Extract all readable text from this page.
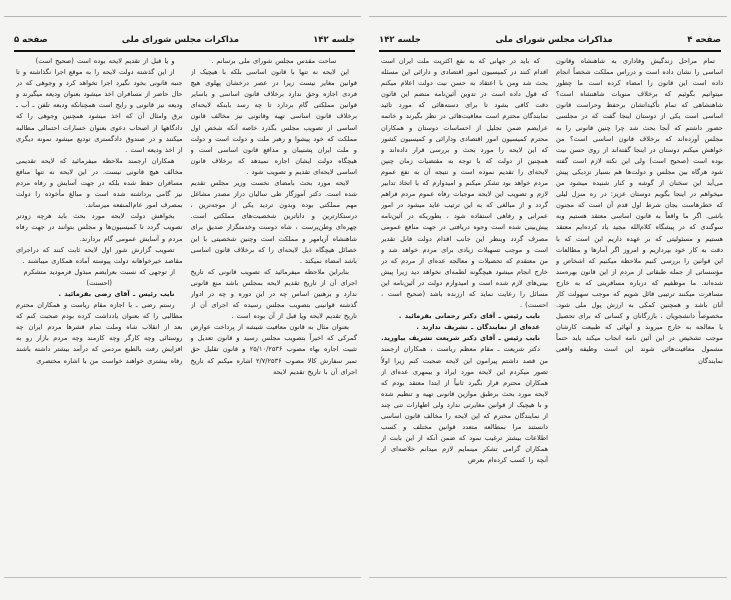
جلسه ۱۴۲
مذاکرات مجلس شورای ملی
صفحه ۵

ساحت مقدس مجلس شورای ملی برسانم .

این لایحه نه تنها با قانون اساسی بلکه با هیچیک از قوانین مغایر نیست زیرا در عصر درخشان پهلوی هیچ فردی اجازه وحق ندارد برخلاف قانون اساسی و باسایر قوانین مملکتی گام بردارد تا چه رسد باینکه لایحه‌ای برخلاف قانون اساسی تهیه وقانونی نیز مخالف قانون اساسی از تصویب مجلس بگذرد خاصه آنکه شخص اول مملکت که خود پیشوا و رهبر ملت و دولت است و دولت و ملت ایران پشتیبان و مدافع قانون اساسی است و هیچگاه دولت ایشان اجازه نمیدهد که برخلاف قانون اساسی لایحه‌ای تقدیم و تصویب شود .

لایحه مورد بحث بامضای نخست وزیر مجلس تقدیم شده است. دکتر آموزگار طی سالیان دراز مصدر مشاغل مهم مملکتی بوده وبدون تردید یکی از موجه‌ترین ، درستکارترین و داناترین شخصیت‌های مملکتی است. چهره‌ای وطن‌پرست ، شاه دوست وخدمتگزار صدیق برای شاهنشاه آریامهر و مملکت است وچنین شخصیتی با این خصائل هیچگاه ذیل لایحه‌ای را که برخلاف قانون اساسی باشد امضاء نمیکند .

بنابراین ملاحظه میفرمائید که تصویب قانونی که تاریخ اجرای آن از تاریخ تقدیم لایحه بمجلس باشد منع قانونی ندارد و برهنین اساس چه در این دوره و چه در ادوار گذشته قوانینی بتصویب مجلس رسیده که اجرای آن از تاریخ تقدیم لایحه ویا قبل از آن بوده است .

بعنوان مثال به قانون معافیت شیشه از پرداخت عوارض گمرکی که اخیراً بتصویب مجلس رسید و قانون تعدیل و تثبیت اجاره بهاء مصوب ۲۵/۱۰/۲۵۳۶ و قانون تقلیل حق تمبر سفارش کالا مصوب ۲/۷/۲۵۳۶ اشاره میکنم که تاریخ اجرای آن با تاریخ تقدیم لایحه

و یا قبل از تقدیم لایحه بوده است (صحیح است)

از این گذشته دولت لایحه را به موقع اجرا نگذاشته و تا جنبه قانونی بخود نگیرد اجرا نخواهد کرد و وجوهی که در حال حاضر از مسافران اخذ میشود بعنوان ودیعه میگیرند و ودیعه نیز قانونی و رایج است همچنانکه ودیعه تلفن ـ آب ـ برق وامثال آن که اخذ میشود همچنین وجوهی را که دادگاهها از اصحاب دعوی بعنوان خسارات احتمالی مطالبه میکنند و در صندوق دادگستری تودیع میشود نمونه دیگری از اخذ ودیعه است .

همکاران ارجمند ملاحظه میفرمائید که لایحه تقدیمی مخالف هیچ قانونی نیست. در این لایحه نه تنها منافع مسافران حفظ شده بلکه در جهت آسایش و رفاه مردم نیز گامی برداشته شده است و مبالغ مأخوذه را دولت بمصرف امور عام‌المنفعه میرساند.

بخواهش دولت لایحه مورد بحث باید هرچه زودتر تصویب گردد تا کمیسیون‌ها و مجلس بتوانند در جهت رفاه مردم و آسایش عمومی گام بردارند.

تصویب گزارش شور اول لایحه ثابت کنند که دراجرای مقاصد خیرخواهانه دولت پیوسته آماده همکاری میباشند .

از توجهی که نسبت بعرایضم مبذول فرمودید متشکرم (احسنت)

نایب رئیس ـ آقای رضی بفرمائید .

رستم رضی ـ با اجازه مقام ریاست و همکاران محترم مطالبی را که بعنوان یادداشت کرده بودم صحبت کنم که بعد از انقلاب شاه وملت تمام قشرها مردم ایران چه روستائی وچه کارگر وچه کارمند وچه مردم بازار رو به افزایش رفت بالطبع مردمی که درآمد بیشتر داشته باشند رفاه بیشتری خواهند خواست من با اشاره مختصری

صفحه ۴
مذاکرات مجلس شورای ملی
جلسه ۱۴۲

تمام مراحل زندگیش وفاداری به شاهنشاه وقانون اساسی را نشان داده است و درراس مملکت شخصاً انجام داده است این قانون را امضاء کرده است ما چطور میتوانیم بگوئیم که برخلاف منویات شاهنشاه است؟ شاهنشاهی که تمام تأکیداتشان برحفظ وحراست قانون اساسی است یکی از دوستان اینجا گفت که در مجلسی حضور داشتم که آنجا بحث شد چرا چنین قانونی را به مجلس آورده‌اند که برخلاف قانون اساسی است؟ من خواهش میکنم دوستان در اینجا گفته‌اند از روی حسن نیت بوده است (صحیح است) ولی این نکته لازم است گفته شود هرگاه بین مجلس و دولت‌ها هم بسیار نزدیکی پیش می‌آید این سخنان از گوشه و کنار شنیده میشود من میخواهم در اینجا بگویم دوستان عزیز: در ره منزل لیلی که خطرهاست بجان شرط اول قدم آن است که مجنون باشی. اگر ما واقعاً به قانون اساسی معتقد هستیم وبه سوگندی که در پیشگاه کلام‌الله مجید یاد کرده‌ایم معتقد هستیم و مسئولیتی که بر عهده داریم این است که با دقت به کار خود بپردازیم و امروز اگر آمارها و مطالعات این قوانین را بررسی کنیم ملاحظه میکنیم که اشخاص و مؤسساتی از جمله طبقاتی از مردم از این قانون بهره‌مند شده‌اند. ما موظفیم که درباره مسافرینی که به خارج مسافرت میکنند ترتیبی قائل شویم که موجب سهولت کار آنان باشد و همچنین کمکی به ارزش پول ملی شود. مخصوصاً دانشجویان ، بازرگانان و کسانی که برای تحصیل یا معالجه به خارج میروند و آنهائی که طبیعت کارشان موجب تشخیص در این آئین نامه انجاب میکند باید حتماً مشمول معافیت‌هائی شوند این است وظیفه واقعی نمایندگان

که باید در جهانی که به نفع اکثریت ملت ایران است اقدام کنند در کمیسیون امور اقتصادی و دارائی این مسئله بحث شد ومن با اعتقاد به حسن نیت دولت اعلام میکنم که قول داده است در تدوین آئین‌نامه منضم این قانون دقت کافی بشود تا برای دسته‌هائی که مورد تائید نمایندگان محترم است معافیت‌هائی در نظر بگیرند و خاتمه عرایضم ضمن تجلیل از احساسات دوستان و همکاران محترم کمیسیون امور اقتصادی ودارائی و کمیسیون کشور که این لایحه را مورد بحث و بررسی قرار داده‌اند و همچنین از دولت که با توجه به مقتضیات زمان چنین لایحه‌ای را تقدیم نموده است و نتیجه آن به نفع عموم مردم خواهد بود تشکر میکنم و امیدوارم که با اتخاذ تدابیر لازم و تصویب این لایحه موجبات رفاه عموم مردم فراهم گردد و از مبالغی که به این ترتیب عاید میشود در امور عمرانی و رفاهی استفاده شود ، بطوریکه در آئین‌نامه پیش‌بینی شده است وجوه دریافتی در جهت منافع عمومی مصرف گردد وبنظر این جانب اقدام دولت قابل تقدیر است و موجب تسهیلات زیادی برای مردم خواهد شد و من معتقدم که تحصیلات و معالجه عده‌ای از مردم که در خارج انجام میشود هیچگونه لطمه‌ای نخواهد دید زیرا پیش بینی‌های لازم شده است و امیدوارم دولت در آئین‌نامه این مسائل را رعایت نماید که ارزنده باشد (صحیح است ، احسنت) .

نایب رئیس ـ آقای دکتر رحمانی بفرمائید .

عده‌ای از نمایندگان ـ تشریف ندارند .

نایب رئیس ـ آقای دکتر شریعت تشریف بیاورید.

دکتر شریعت ـ مقام معظم ریاست ، همکاران ارجمند من قصد داشتم پیرامون این لایحه صحبت کنم زیرا اولاً تصور میکردم این لایحه مورد ایراد و بیمهری عده‌ای از همکاران محترم قرار بگیرد ثانیاً از ابتدا معتقد بودم که لایحه مورد بحث برطبق موازین قانونی تهیه و تنظیم شده و با هیچیک از قوانین مغایرتی ندارد ولی اظهارات تنی چند از نمایندگان محترم که این لایحه را مخالف قانون اساسی دانستند مرا بمطالعه متعدد قوانین مختلف و کسب اطلاعات بیشتر ترغیب نمود که ضمن آنکه از این بابت از همکاران گرامی تشکر مینمایم لازم میدانم خلاصه‌ای از آنچه را کسب کرده‌ام بعرض
